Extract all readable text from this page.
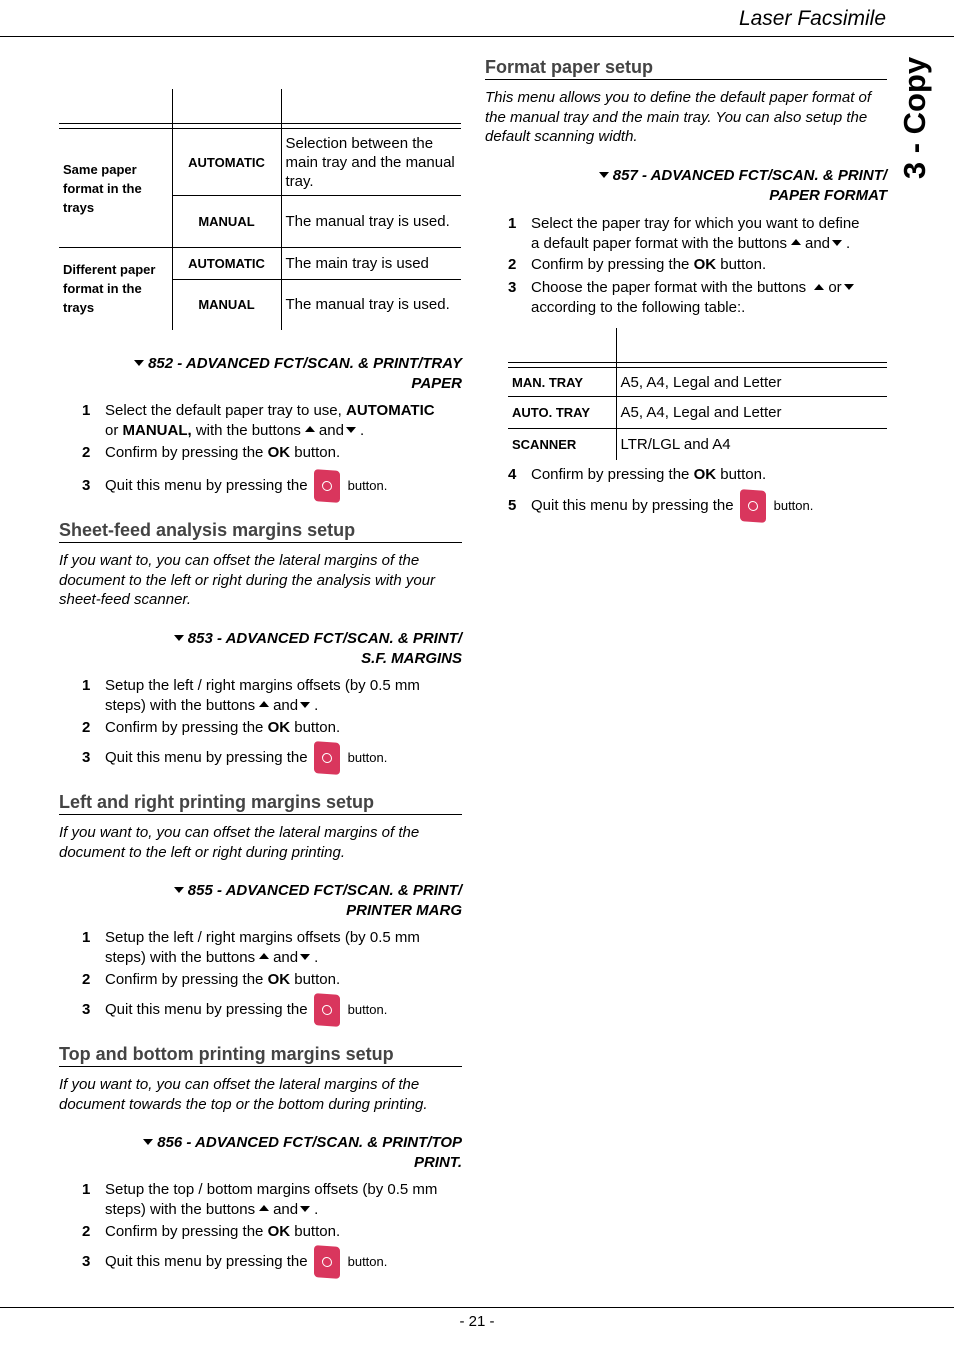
Laser Facsimile
3 - Copy

Same paper format in the trays	AUTOMATIC	Selection between the main tray and the manual tray.
	MANUAL	The manual tray is used.
Different paper format in the trays	AUTOMATIC	The main tray is used
	MANUAL	The manual tray is used.
852 - ADVANCED FCT/SCAN. & PRINT/TRAY
PAPER
1 Select the default paper tray to use, AUTOMATIC
or MANUAL, with the buttons and .
2 Confirm by pressing the OK button.
3 Quit this menu by pressing the	button.
Sheet-feed analysis margins setup
If you want to, you can offset the lateral margins of the document to the left or right during the analysis with your sheet-feed scanner.
853 - ADVANCED FCT/SCAN. & PRINT/
S.F. MARGINS
1 Setup the left / right margins offsets (by 0.5 mm
steps) with the buttons and .
2 Confirm by pressing the OK button.
3 Quit this menu by pressing the	button.
Left and right printing margins setup
If you want to, you can offset the lateral margins of the document to the left or right during printing.
855 - ADVANCED FCT/SCAN. & PRINT/
PRINTER MARG
1 Setup the left / right margins offsets (by 0.5 mm
steps) with the buttons and .
2 Confirm by pressing the OK button.
3 Quit this menu by pressing the	button.
Top and bottom printing margins setup
If you want to, you can offset the lateral margins of the document towards the top or the bottom during printing.
856 - ADVANCED FCT/SCAN. & PRINT/TOP
PRINT.
1 Setup the top / bottom margins offsets (by 0.5 mm
steps) with the buttons and .
2 Confirm by pressing the OK button.
3 Quit this menu by pressing the	button.
Format paper setup
This menu allows you to define the default paper format of the manual tray and the main tray. You can also setup the default scanning width.
857 - ADVANCED FCT/SCAN. & PRINT/
PAPER FORMAT
1 Select the paper tray for which you want to define
a default paper format with the buttons and .
2 Confirm by pressing the OK button.
3 Choose the paper format with the buttons or
according to the following table:.

MAN. TRAY	A5, A4, Legal and Letter
AUTO. TRAY	A5, A4, Legal and Letter
SCANNER	LTR/LGL and A4
4 Confirm by pressing the OK button.
5 Quit this menu by pressing the	button.
- 21 -
